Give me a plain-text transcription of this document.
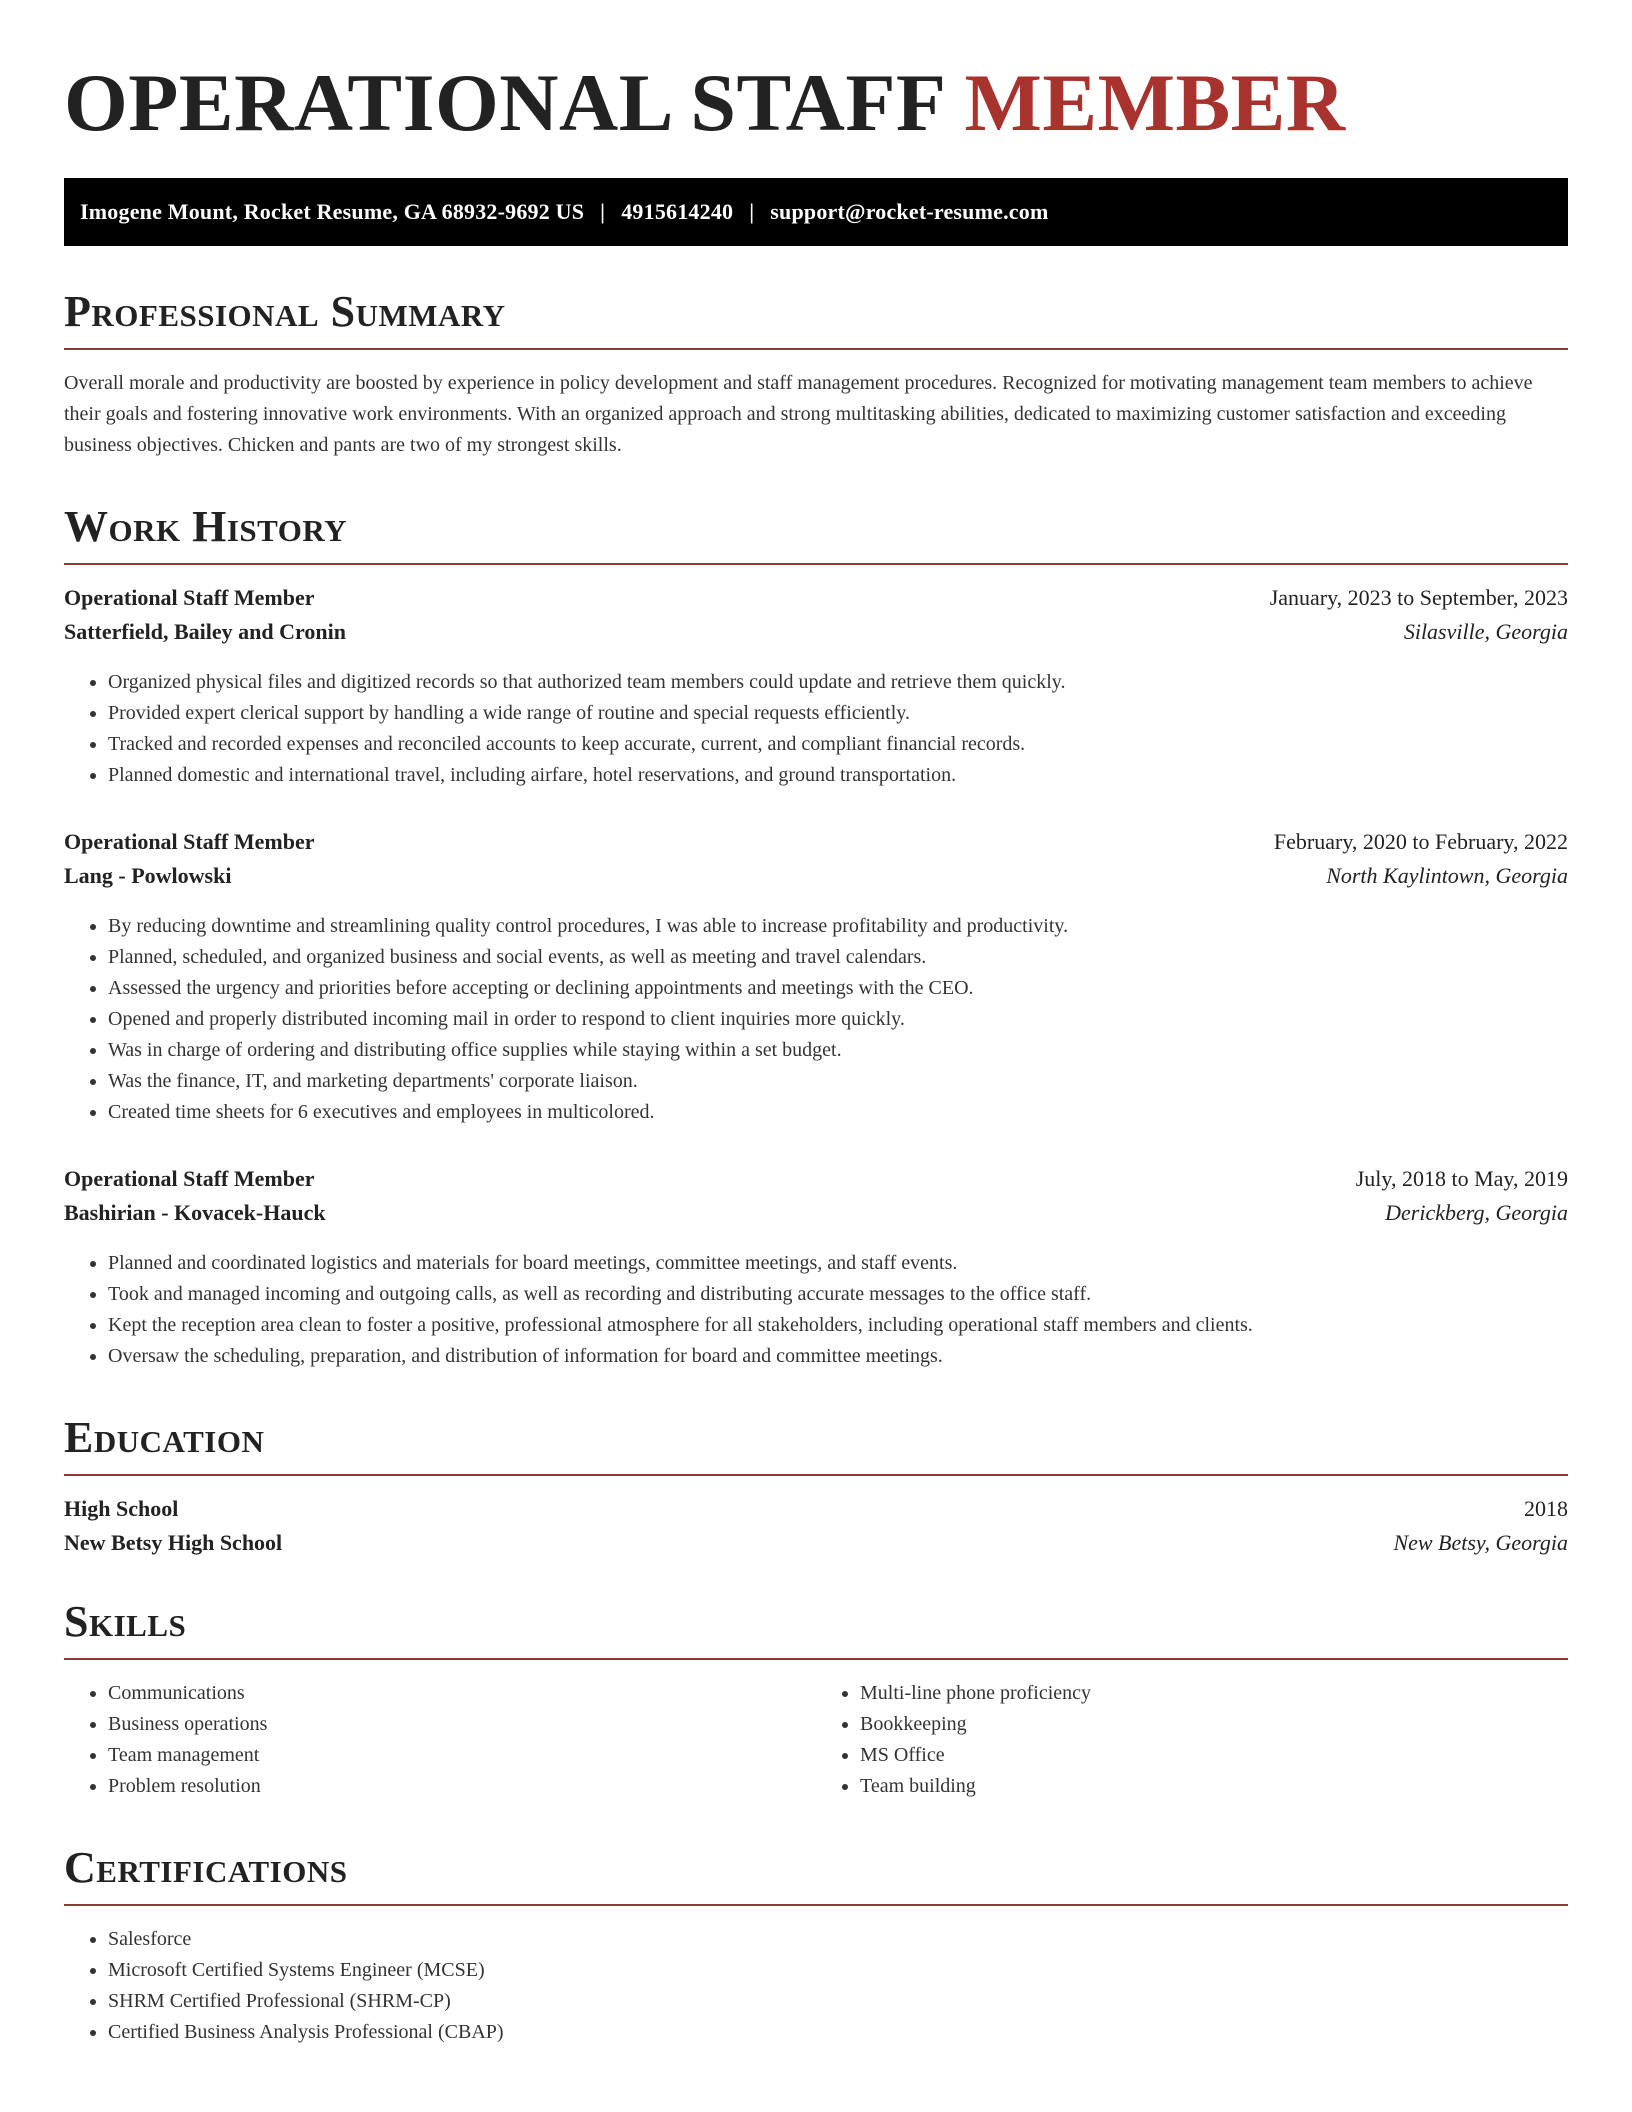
OPERATIONAL STAFF MEMBER
Imogene Mount, Rocket Resume, GA 68932-9692 US | 4915614240 | support@rocket-resume.com
Professional Summary

Overall morale and productivity are boosted by experience in policy development and staff management procedures. Recognized for motivating management team members to achieve their goals and fostering innovative work environments. With an organized approach and strong multitasking abilities, dedicated to maximizing customer satisfaction and exceeding business objectives. Chicken and pants are two of my strongest skills.

Work History
Operational Staff Member	January, 2023 to September, 2023
Satterfield, Bailey and Cronin	Silasville, Georgia
• Organized physical files and digitized records so that authorized team members could update and retrieve them quickly.
• Provided expert clerical support by handling a wide range of routine and special requests efficiently.
• Tracked and recorded expenses and reconciled accounts to keep accurate, current, and compliant financial records.
• Planned domestic and international travel, including airfare, hotel reservations, and ground transportation.
Operational Staff Member	February, 2020 to February, 2022
Lang - Powlowski	North Kaylintown, Georgia
• By reducing downtime and streamlining quality control procedures, I was able to increase profitability and productivity.
• Planned, scheduled, and organized business and social events, as well as meeting and travel calendars.
• Assessed the urgency and priorities before accepting or declining appointments and meetings with the CEO.
• Opened and properly distributed incoming mail in order to respond to client inquiries more quickly.
• Was in charge of ordering and distributing office supplies while staying within a set budget.
• Was the finance, IT, and marketing departments' corporate liaison.
• Created time sheets for 6 executives and employees in multicolored.
Operational Staff Member	July, 2018 to May, 2019
Bashirian - Kovacek-Hauck	Derickberg, Georgia
• Planned and coordinated logistics and materials for board meetings, committee meetings, and staff events.
• Took and managed incoming and outgoing calls, as well as recording and distributing accurate messages to the office staff.
• Kept the reception area clean to foster a positive, professional atmosphere for all stakeholders, including operational staff members and clients.
• Oversaw the scheduling, preparation, and distribution of information for board and committee meetings.
Education
High School	2018
New Betsy High School	New Betsy, Georgia
Skills
• Communications
• Business operations
• Team management
• Problem resolution
• Multi-line phone proficiency
• Bookkeeping
• MS Office
• Team building
Certifications
• Salesforce
• Microsoft Certified Systems Engineer (MCSE)
• SHRM Certified Professional (SHRM-CP)
• Certified Business Analysis Professional (CBAP)
